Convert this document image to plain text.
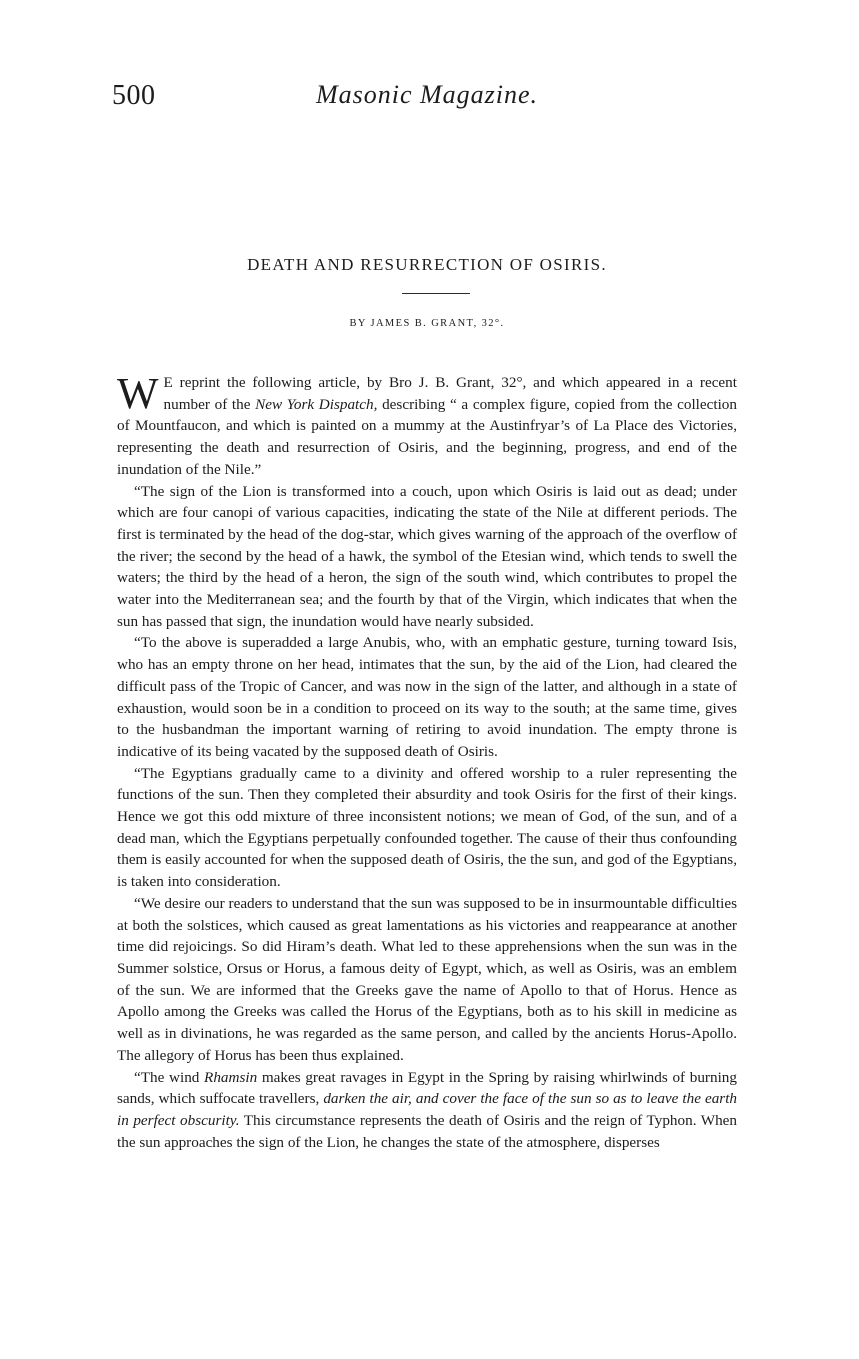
500	Masonic Magazine.
DEATH AND RESURRECTION OF OSIRIS.
BY JAMES B. GRANT, 32°.

W E reprint the following article, by Bro J. B. Grant, 32°, and which appeared in a recent number of the New York Dispatch, describing “ a complex figure, copied from the collection of Mountfaucon, and which is painted on a mummy at the Austinfryar’s of La Place des Victories, representing the death and resurrection of Osiris, and the beginning, progress, and end of the inundation of the Nile.”

“The sign of the Lion is transformed into a couch, upon which Osiris is laid out as dead; under which are four canopi of various capacities, indicating the state of the Nile at different periods. The first is terminated by the head of the dog-star, which gives warning of the approach of the overflow of the river; the second by the head of a hawk, the symbol of the Etesian wind, which tends to swell the waters; the third by the head of a heron, the sign of the south wind, which contributes to propel the water into the Mediterranean sea; and the fourth by that of the Virgin, which indicates that when the sun has passed that sign, the inundation would have nearly subsided.

“To the above is superadded a large Anubis, who, with an emphatic gesture, turning toward Isis, who has an empty throne on her head, intimates that the sun, by the aid of the Lion, had cleared the difficult pass of the Tropic of Cancer, and was now in the sign of the latter, and although in a state of exhaustion, would soon be in a condition to proceed on its way to the south; at the same time, gives to the husbandman the important warning of retiring to avoid inundation. The empty throne is indicative of its being vacated by the supposed death of Osiris.

“The Egyptians gradually came to a divinity and offered worship to a ruler representing the functions of the sun. Then they completed their absurdity and took Osiris for the first of their kings. Hence we got this odd mixture of three inconsistent notions; we mean of God, of the sun, and of a dead man, which the Egyptians perpetually confounded together. The cause of their thus confounding them is easily accounted for when the supposed death of Osiris, the the sun, and god of the Egyptians, is taken into consideration.

“We desire our readers to understand that the sun was supposed to be in insurmountable difficulties at both the solstices, which caused as great lamentations as his victories and reappearance at another time did rejoicings. So did Hiram’s death. What led to these apprehensions when the sun was in the Summer solstice, Orsus or Horus, a famous deity of Egypt, which, as well as Osiris, was an emblem of the sun. We are informed that the Greeks gave the name of Apollo to that of Horus. Hence as Apollo among the Greeks was called the Horus of the Egyptians, both as to his skill in medicine as well as in divinations, he was regarded as the same person, and called by the ancients Horus-Apollo. The allegory of Horus has been thus explained.

“The wind Rhamsin makes great ravages in Egypt in the Spring by raising whirlwinds of burning sands, which suffocate travellers, darken the air, and cover the face of the sun so as to leave the earth in perfect obscurity. This circumstance represents the death of Osiris and the reign of Typhon. When the sun approaches the sign of the Lion, he changes the state of the atmosphere, disperses
